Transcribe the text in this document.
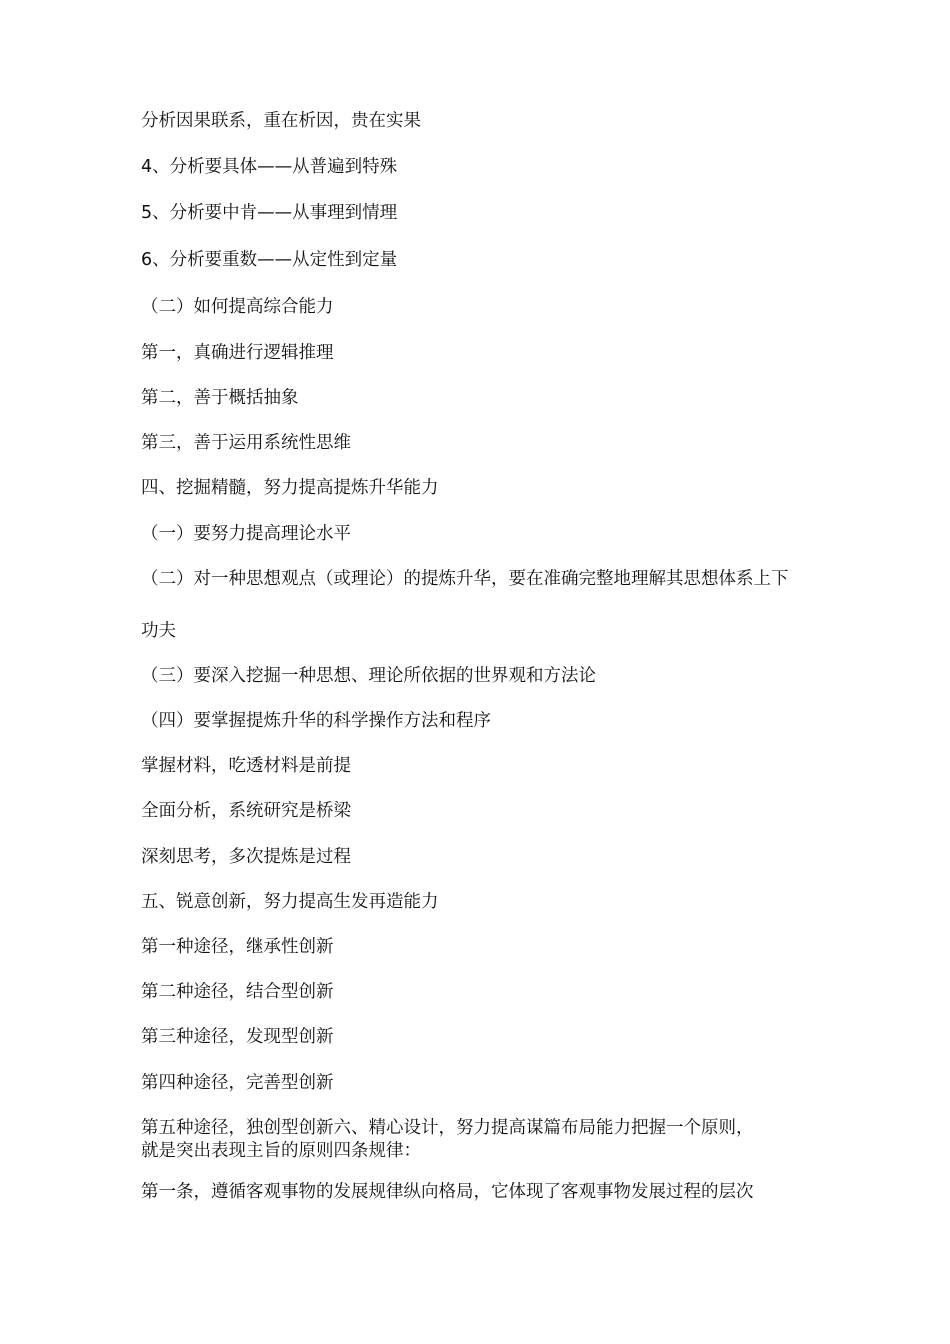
分析因果联系，重在析因，贵在实果

4、分析要具体——从普遍到特殊

5、分析要中肯——从事理到情理

6、分析要重数——从定性到定量

（二）如何提高综合能力

第一，真确进行逻辑推理

第二，善于概括抽象

第三，善于运用系统性思维

四、挖掘精髓，努力提高提炼升华能力

（一）要努力提高理论水平

（二）对一种思想观点（或理论）的提炼升华，要在准确完整地理解其思想体系上下

功夫

（三）要深入挖掘一种思想、理论所依据的世界观和方法论

（四）要掌握提炼升华的科学操作方法和程序

掌握材料，吃透材料是前提

全面分析，系统研究是桥梁

深刻思考，多次提炼是过程

五、锐意创新，努力提高生发再造能力

第一种途径，继承性创新

第二种途径，结合型创新

第三种途径，发现型创新

第四种途径，完善型创新

第五种途径，独创型创新六、精心设计，努力提高谋篇布局能力把握一个原则，

就是突出表现主旨的原则四条规律：

第一条，遵循客观事物的发展规律纵向格局，它体现了客观事物发展过程的层次
